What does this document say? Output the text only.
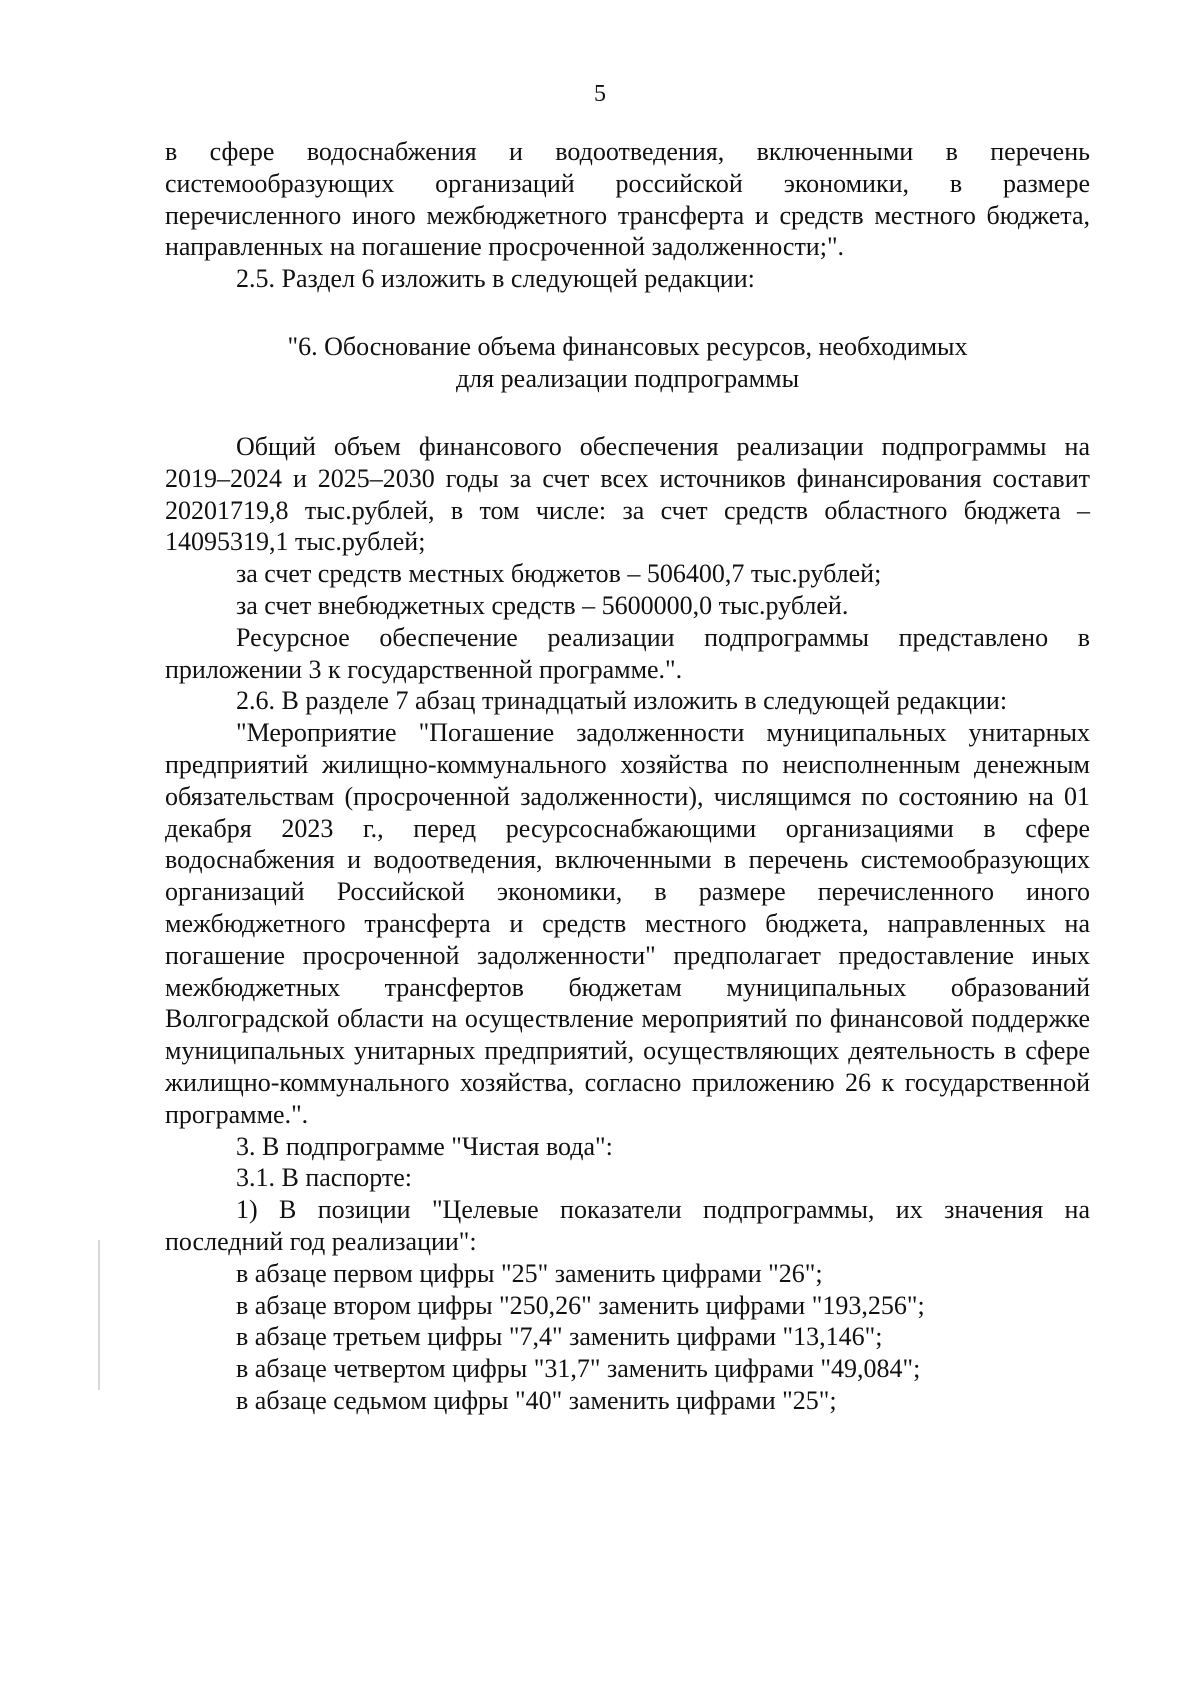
5

в сфере водоснабжения и водоотведения, включенными в перечень системообразующих организаций российской экономики, в размере перечисленного иного межбюджетного трансферта и средств местного бюджета, направленных на погашение просроченной задолженности;".

2.5. Раздел 6 изложить в следующей редакции:

"6. Обоснование объема финансовых ресурсов, необходимых
для реализации подпрограммы

Общий объем финансового обеспечения реализации подпрограммы на 2019–2024 и 2025–2030 годы за счет всех источников финансирования составит 20201719,8 тыс.рублей, в том числе: за счет средств областного бюджета – 14095319,1 тыс.рублей;

за счет средств местных бюджетов – 506400,7 тыс.рублей;

за счет внебюджетных средств – 5600000,0 тыс.рублей.

Ресурсное обеспечение реализации подпрограммы представлено в приложении 3 к государственной программе.".

2.6. В разделе 7 абзац тринадцатый изложить в следующей редакции:

"Мероприятие "Погашение задолженности муниципальных унитарных предприятий жилищно-коммунального хозяйства по неисполненным денежным обязательствам (просроченной задолженности), числящимся по состоянию на 01 декабря 2023 г., перед ресурсоснабжающими организациями в сфере водоснабжения и водоотведения, включенными в перечень системообразующих организаций Российской экономики, в размере перечисленного иного межбюджетного трансферта и средств местного бюджета, направленных на погашение просроченной задолженности" предполагает предоставление иных межбюджетных трансфертов бюджетам муниципальных образований Волгоградской области на осуществление мероприятий по финансовой поддержке муниципальных унитарных предприятий, осуществляющих деятельность в сфере жилищно-коммунального хозяйства, согласно приложению 26 к государственной программе.".

3. В подпрограмме "Чистая вода":

3.1. В паспорте:

1) В позиции "Целевые показатели подпрограммы, их значения на последний год реализации":

в абзаце первом цифры "25" заменить цифрами "26";

в абзаце втором цифры "250,26" заменить цифрами "193,256";

в абзаце третьем цифры "7,4" заменить цифрами "13,146";

в абзаце четвертом цифры "31,7" заменить цифрами "49,084";

в абзаце седьмом цифры "40" заменить цифрами "25";
